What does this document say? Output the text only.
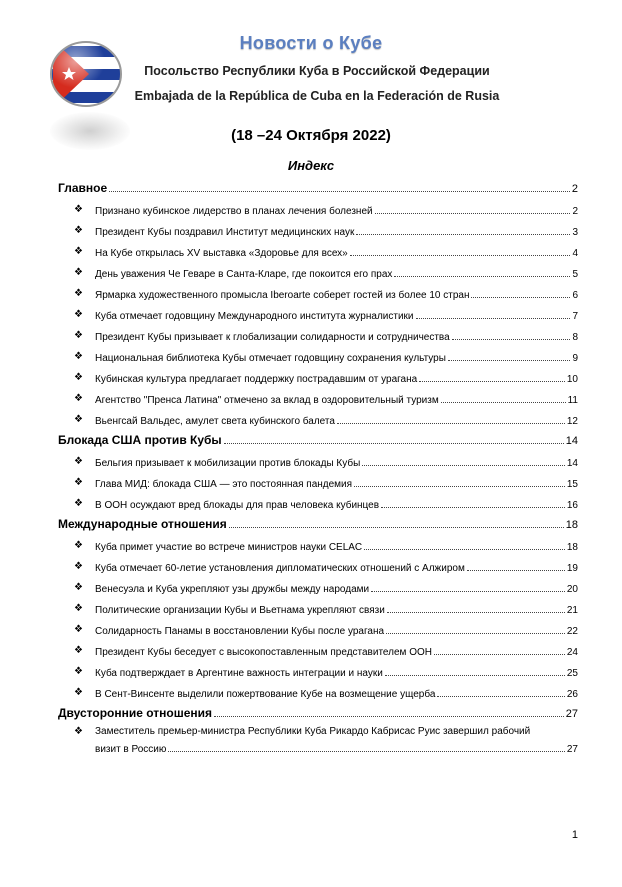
Новости о Кубе
Посольство Республики Куба в Российской Федерации
Embajada de la República de Cuba en la Federación de Rusia
(18 –24 Октября 2022)
Индекс
Главное	2
❖	Признано кубинское лидерство в планах лечения болезней	2
❖	Президент Кубы поздравил Институт медицинских наук	3
❖	На Кубе открылась XV выставка «Здоровье для всех»	4
❖	День уважения Че Геваре в Санта-Кларе, где покоится его прах	5
❖	Ярмарка художественного промысла Iberoarte соберет гостей из более 10 стран	6
❖	Куба отмечает годовщину Международного института журналистики	7
❖	Президент Кубы призывает к глобализации солидарности и сотрудничества	8
❖	Национальная библиотека Кубы отмечает годовщину сохранения культуры	9
❖	Кубинская культура предлагает поддержку пострадавшим от урагана	10
❖	Агентство "Пренса Латина" отмечено за вклад в оздоровительный туризм	11
❖	Вьенгсай Вальдес, амулет света кубинского балета	12
Блокада США против Кубы	14
❖	Бельгия призывает к мобилизации против блокады Кубы	14
❖	Глава МИД: блокада США — это постоянная пандемия	15
❖	В ООН осуждают вред блокады для прав человека кубинцев	16
Международные отношения	18
❖	Куба примет участие во встрече министров науки CELAC	18
❖	Куба отмечает 60-летие установления дипломатических отношений с Алжиром	19
❖	Венесуэла и Куба укрепляют узы дружбы между народами	20
❖	Политические организации Кубы и Вьетнама укрепляют связи	21
❖	Солидарность Панамы в восстановлении Кубы после урагана	22
❖	Президент Кубы беседует с высокопоставленным представителем ООН	24
❖	Куба подтверждает в Аргентине важность интеграции и науки	25
❖	В Сент-Винсенте выделили пожертвование Кубе на возмещение ущерба	26
Двусторонние отношения	27
❖ Заместитель премьер-министра Республики Куба Рикардо Кабрисас Руис завершил рабочий
визит в Россию	27
1
